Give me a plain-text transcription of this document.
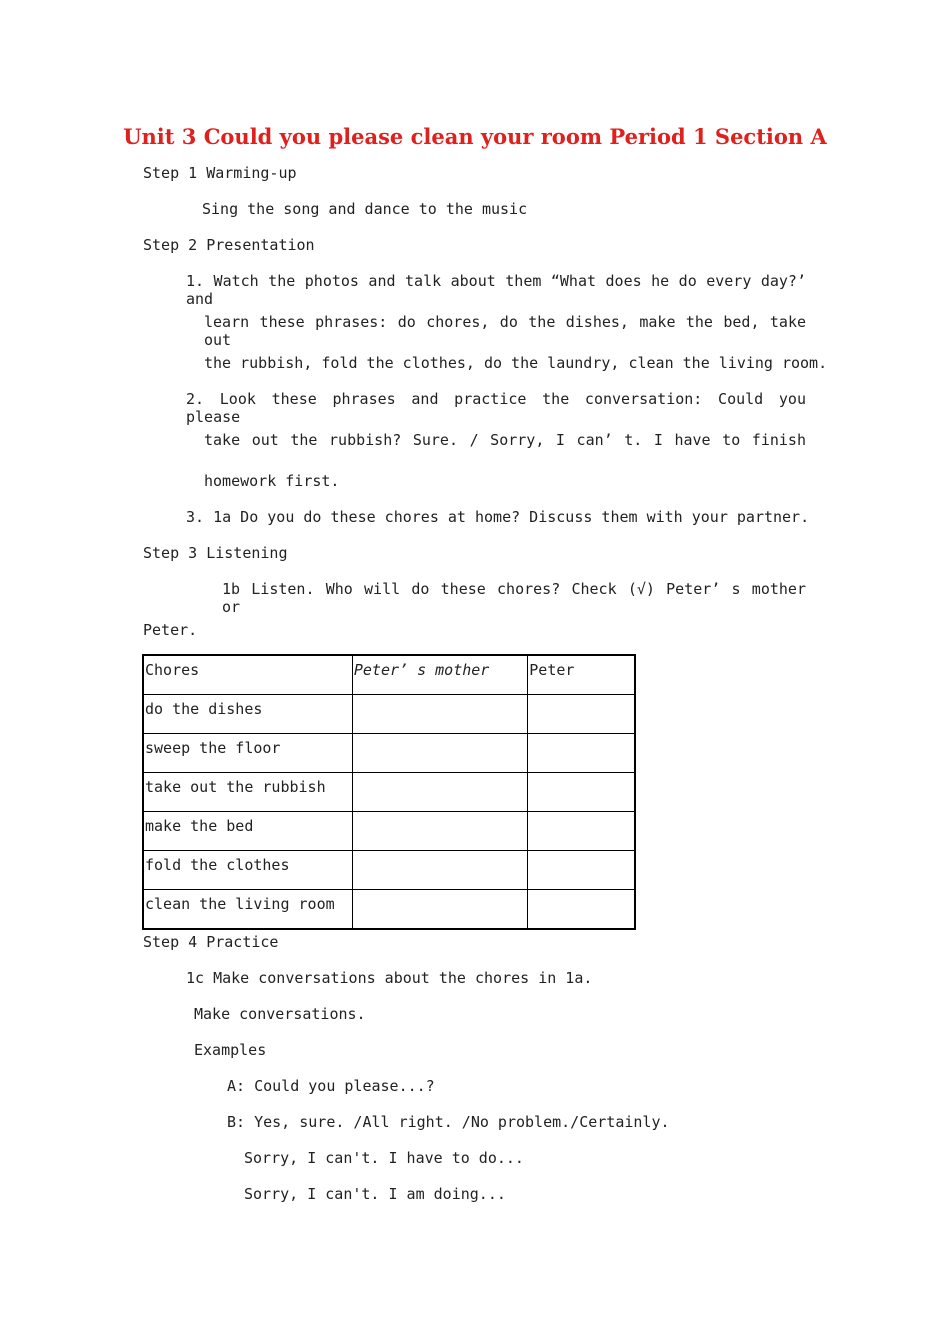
Unit 3 Could you please clean your room Period 1 Section A
Step 1 Warming-up
Sing the song and dance to the music
Step 2 Presentation
1. Watch the photos and talk about them “What does he do every day?’ and
learn these phrases: do chores, do the dishes, make the bed, take out
the rubbish, fold the clothes, do the laundry, clean the living room.
2. Look these phrases and practice the conversation: Could you please
take out the rubbish? Sure. / Sorry, I can’ t. I have to finish
homework first.
3. 1a Do you do these chores at home? Discuss them with your partner.
Step 3 Listening
1b Listen. Who will do these chores? Check (√) Peter’ s mother or
Peter.
Chores	Peter’ s mother	Peter
do the dishes		
sweep the floor		
take out the rubbish		
make the bed		
fold the clothes		
clean the living room		
Step 4 Practice
1c Make conversations about the chores in 1a.
Make conversations.
Examples
A: Could you please...?
B: Yes, sure. /All right. /No problem./Certainly.
Sorry, I can't. I have to do...
Sorry, I can't. I am doing...
